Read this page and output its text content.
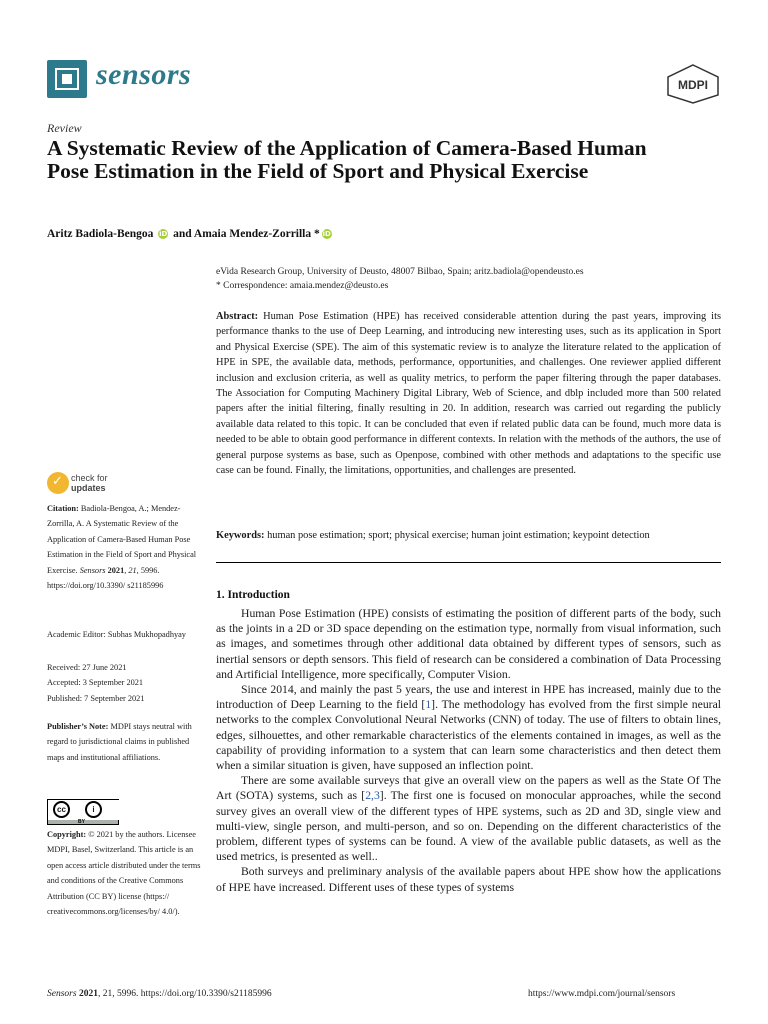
sensors	MDPI
Review
A Systematic Review of the Application of Camera-Based Human Pose Estimation in the Field of Sport and Physical Exercise
Aritz Badiola-Bengoa iD and Amaia Mendez-Zorrilla * iD
eVida Research Group, University of Deusto, 48007 Bilbao, Spain; aritz.badiola@opendeusto.es
* Correspondence: amaia.mendez@deusto.es
Abstract: Human Pose Estimation (HPE) has received considerable attention during the past years, improving its performance thanks to the use of Deep Learning, and introducing new interesting uses, such as its application in Sport and Physical Exercise (SPE). The aim of this systematic review is to analyze the literature related to the application of HPE in SPE, the available data, methods, performance, opportunities, and challenges. One reviewer applied different inclusion and exclusion criteria, as well as quality metrics, to perform the paper filtering through the paper databases. The Association for Computing Machinery Digital Library, Web of Science, and dblp included more than 500 related papers after the initial filtering, finally resulting in 20. In addition, research was carried out regarding the publicly available data related to this topic. It can be concluded that even if related public data can be found, much more data is needed to be able to obtain good performance in different contexts. In relation with the methods of the authors, the use of general purpose systems as base, such as Openpose, combined with other methods and adaptations to the specific use case can be found. Finally, the limitations, opportunities, and challenges are presented.
Keywords: human pose estimation; sport; physical exercise; human joint estimation; keypoint detection
✓ check for
updates
Citation: Badiola-Bengoa, A.; Mendez-Zorrilla, A. A Systematic Review of the Application of Camera-Based Human Pose Estimation in the Field of Sport and Physical Exercise. Sensors 2021, 21, 5996. https://doi.org/10.3390/ s21185996
Academic Editor: Subhas Mukhopadhyay
Received: 27 June 2021
Accepted: 3 September 2021
Published: 7 September 2021
Publisher’s Note: MDPI stays neutral with regard to jurisdictional claims in published maps and institutional affiliations.
cc	i
BY
Copyright: © 2021 by the authors. Licensee MDPI, Basel, Switzerland. This article is an open access article distributed under the terms and conditions of the Creative Commons Attribution (CC BY) license (https:// creativecommons.org/licenses/by/ 4.0/).
1. Introduction

Human Pose Estimation (HPE) consists of estimating the position of different parts of the body, such as the joints in a 2D or 3D space depending on the estimation type, normally from visual information, such as images, and sometimes through other additional data obtained by different types of sensors, such as inertial sensors or depth sensors. This field of research can be considered a combination of Data Processing and Artificial Intelligence, more specifically, Computer Vision.

Since 2014, and mainly the past 5 years, the use and interest in HPE has increased, mainly due to the introduction of Deep Learning to the field [1]. The methodology has evolved from the first simple neural networks to the complex Convolutional Neural Networks (CNN) of today. The use of filters to obtain lines, edges, silhouettes, and other remarkable characteristics of the elements contained in images, as well as the capability of providing information to a system that can learn some characteristics and then detect them when a similar situation is given, have supposed an inflection point.

There are some available surveys that give an overall view on the papers as well as the State Of The Art (SOTA) systems, such as [2,3]. The first one is focused on monocular approaches, while the second survey gives an overall view of the different types of HPE systems, such as 2D and 3D, single view and multi-view, single person, and multi-person, and so on. Depending on the different characteristics of the problem, different types of systems can be found. A view of the available public datasets, as well as the used metrics, is presented as well..

Both surveys and preliminary analysis of the available papers about HPE show how the applications of HPE have increased. Different uses of these types of systems

Sensors 2021, 21, 5996. https://doi.org/10.3390/s21185996	https://www.mdpi.com/journal/sensors
